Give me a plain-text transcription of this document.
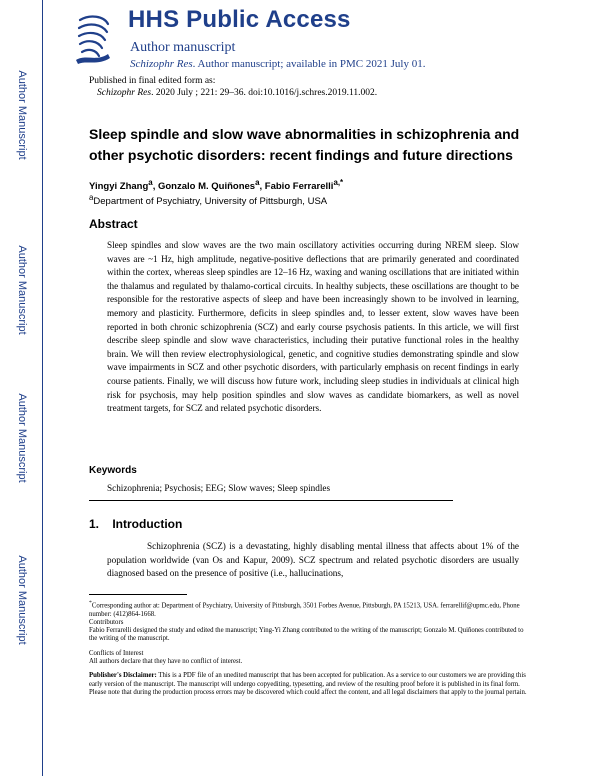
Author Manuscript
Author Manuscript
Author Manuscript
Author Manuscript
HHS Public Access
Author manuscript
Schizophr Res. Author manuscript; available in PMC 2021 July 01.
Published in final edited form as:
Schizophr Res. 2020 July ; 221: 29–36. doi:10.1016/j.schres.2019.11.002.
Sleep spindle and slow wave abnormalities in schizophrenia and other psychotic disorders: recent findings and future directions
Yingyi Zhang$^a$, Gonzalo M. Quiñones$^a$, Fabio Ferrarelli$^{a,*}$
$^a$Department of Psychiatry, University of Pittsburgh, USA
Abstract
Sleep spindles and slow waves are the two main oscillatory activities occurring during NREM sleep. Slow waves are ~1 Hz, high amplitude, negative-positive deflections that are primarily generated and coordinated within the cortex, whereas sleep spindles are 12–16 Hz, waxing and waning oscillations that are initiated within the thalamus and regulated by thalamo-cortical circuits. In healthy subjects, these oscillations are thought to be responsible for the restorative aspects of sleep and have been increasingly shown to be involved in learning, memory and plasticity. Furthermore, deficits in sleep spindles and, to lesser extent, slow waves have been reported in both chronic schizophrenia (SCZ) and early course psychosis patients. In this article, we will first describe sleep spindle and slow wave characteristics, including their putative functional roles in the healthy brain. We will then review electrophysiological, genetic, and cognitive studies demonstrating spindle and slow wave impairments in SCZ and other psychotic disorders, with particularly emphasis on recent findings in early course patients. Finally, we will discuss how future work, including sleep studies in individuals at clinical high risk for psychosis, may help position spindles and slow waves as candidate biomarkers, as well as novel treatment targets, for SCZ and related psychotic disorders.
Keywords
Schizophrenia; Psychosis; EEG; Slow waves; Sleep spindles
1.    Introduction
Schizophrenia (SCZ) is a devastating, highly disabling mental illness that affects about 1% of the population worldwide (van Os and Kapur, 2009). SCZ spectrum and related psychotic disorders are usually diagnosed based on the presence of positive (i.e., hallucinations,

*Corresponding author at: Department of Psychiatry, University of Pittsburgh, 3501 Forbes Avenue, Pittsburgh, PA 15213, USA. ferrarellif@upmc.edu, Phone number: (412)864-1668.

Contributors

Fabio Ferrarelli designed the study and edited the manuscript; Ying-Yi Zhang contributed to the writing of the manuscript; Gonzalo M. Quiñones contributed to the writing of the manuscript.

Conflicts of Interest

All authors declare that they have no conflict of interest.

Publisher's Disclaimer: This is a PDF file of an unedited manuscript that has been accepted for publication. As a service to our customers we are providing this early version of the manuscript. The manuscript will undergo copyediting, typesetting, and review of the resulting proof before it is published in its final form. Please note that during the production process errors may be discovered which could affect the content, and all legal disclaimers that apply to the journal pertain.
